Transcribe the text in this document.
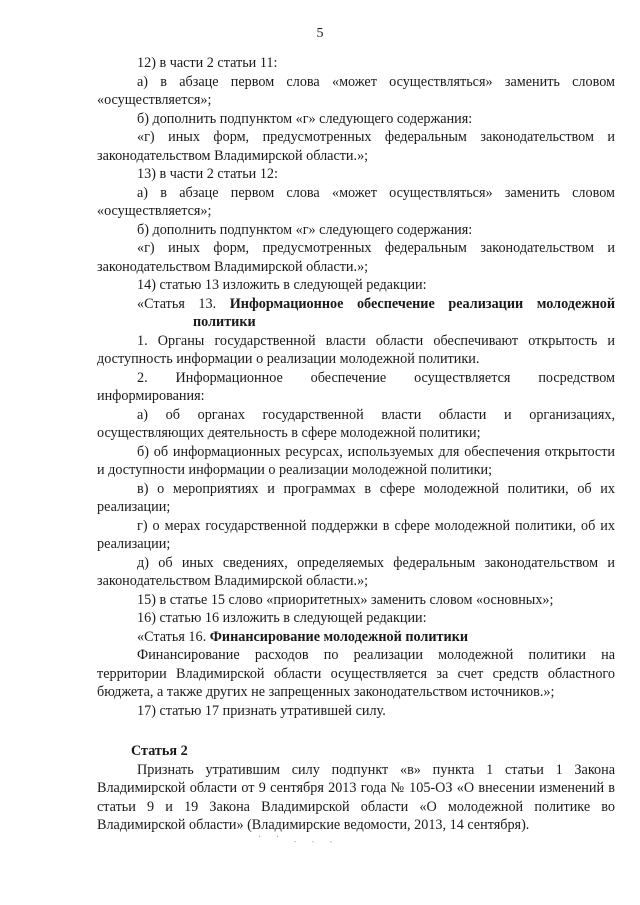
5

12) в части 2 статьи 11:

а) в абзаце первом слова «может осуществляться» заменить словом «осуществляется»;

б) дополнить подпунктом «г» следующего содержания:

«г) иных форм, предусмотренных федеральным законодательством и законодательством Владимирской области.»;

13) в части 2 статьи 12:

а) в абзаце первом слова «может осуществляться» заменить словом «осуществляется»;

б) дополнить подпунктом «г» следующего содержания:

«г) иных форм, предусмотренных федеральным законодательством и законодательством Владимирской области.»;

14) статью 13 изложить в следующей редакции:

«Статья 13. Информационное обеспечение реализации молодежной

политики

1. Органы государственной власти области обеспечивают открытость и доступность информации о реализации молодежной политики.

2. Информационное обеспечение осуществляется посредством информирования:

а) об органах государственной власти области и организациях, осуществляющих деятельность в сфере молодежной политики;

б) об информационных ресурсах, используемых для обеспечения открытости и доступности информации о реализации молодежной политики;

в) о мероприятиях и программах в сфере молодежной политики, об их реализации;

г) о мерах государственной поддержки в сфере молодежной политики, об их реализации;

д) об иных сведениях, определяемых федеральным законодательством и законодательством Владимирской области.»;

15) в статье 15 слово «приоритетных» заменить словом «основных»;

16) статью 16 изложить в следующей редакции:

«Статья 16. Финансирование молодежной политики

Финансирование расходов по реализации молодежной политики на территории Владимирской области осуществляется за счет средств областного бюджета, а также других не запрещенных законодательством источников.»;

17) статью 17 признать утратившей силу.

Статья 2

Признать утратившим силу подпункт «в» пункта 1 статьи 1 Закона Владимирской области от 9 сентября 2013 года № 105-ОЗ «О внесении изменений в статьи 9 и 19 Закона Владимирской области «О молодежной политике во Владимирской области» (Владимирские ведомости, 2013, 14 сентября).

· · ˎ ˎ ˏ
